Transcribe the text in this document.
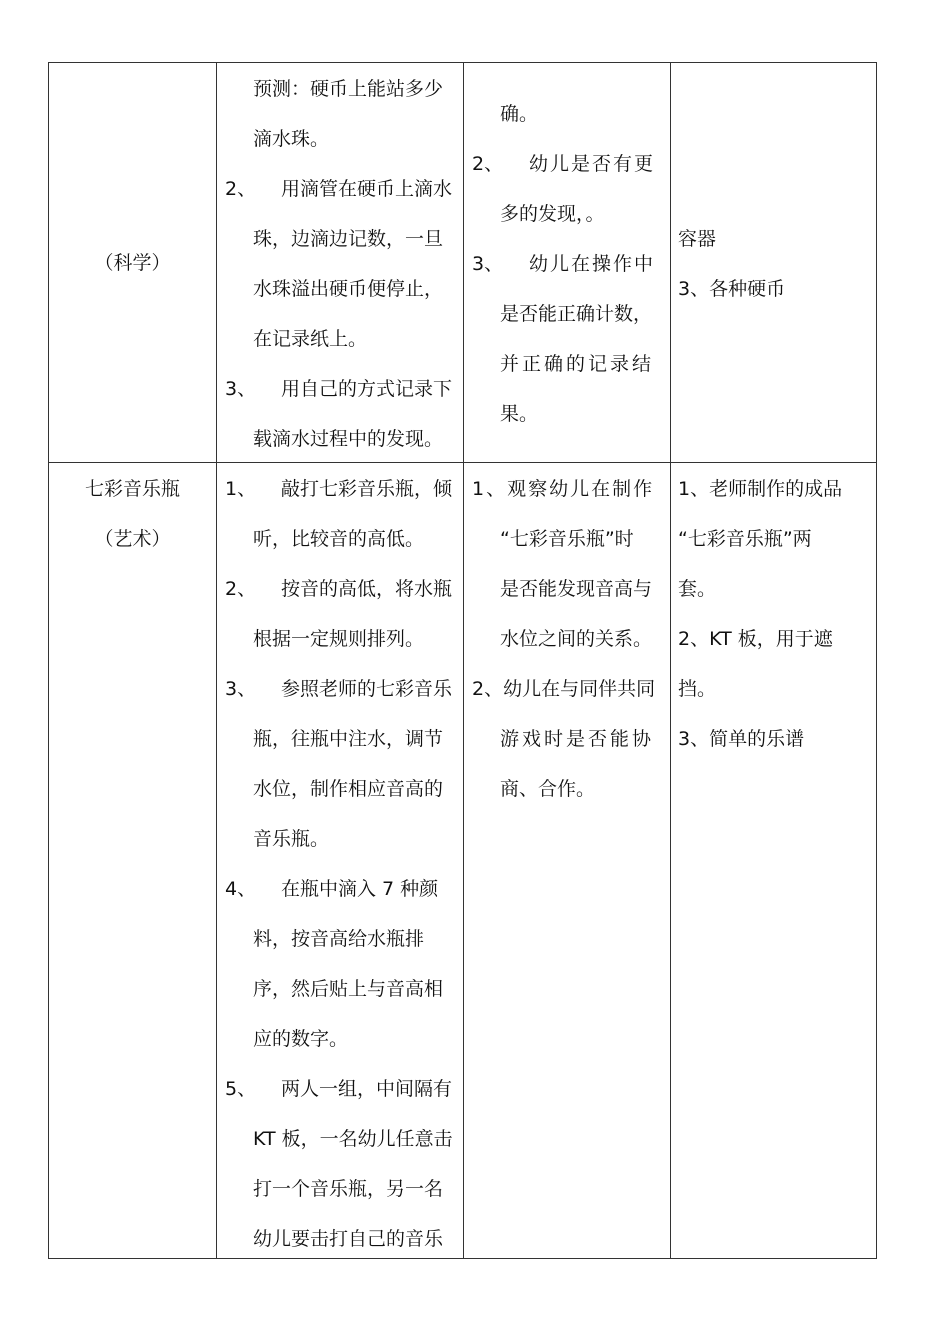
（科学）
预测：硬币上能站多少
滴水珠。
2、 用滴管在硬币上滴水
珠，边滴边记数，一旦
水珠溢出硬币便停止，
在记录纸上。
3、 用自己的方式记录下
载滴水过程中的发现。
确。
2、 幼儿是否有更
多的发现，。
3、 幼儿在操作中
是否能正确计数，
并正确的记录结
果。
容器
3、各种硬币
七彩音乐瓶
（艺术）
1、 敲打七彩音乐瓶，倾
听，比较音的高低。
2、 按音的高低，将水瓶
根据一定规则排列。
3、 参照老师的七彩音乐
瓶，往瓶中注水，调节
水位，制作相应音高的
音乐瓶。
4、 在瓶中滴入 7 种颜
料，按音高给水瓶排
序，然后贴上与音高相
应的数字。
5、 两人一组，中间隔有
KT 板，一名幼儿任意击
打一个音乐瓶，另一名
幼儿要击打自己的音乐
1、观察幼儿在制作
“七彩音乐瓶”时
是否能发现音高与
水位之间的关系。
2、幼儿在与同伴共同
游戏时是否能协
商、合作。
1、老师制作的成品
“七彩音乐瓶”两
套。
2、KT 板，用于遮
挡。
3、简单的乐谱
